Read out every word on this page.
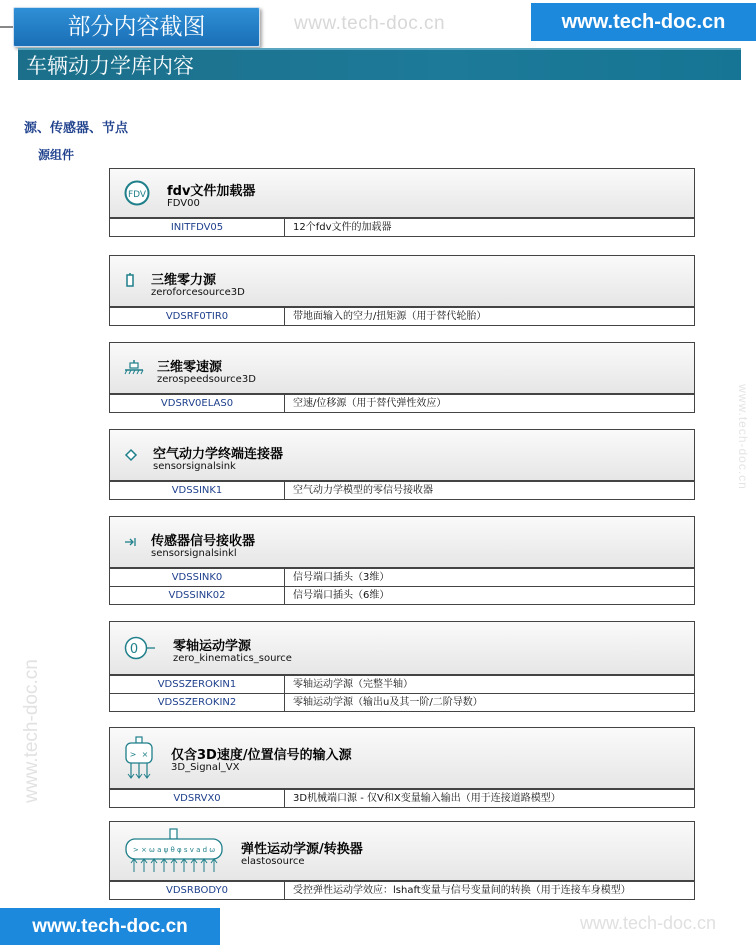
www.tech-doc.cn
www.tech-doc.cn
www.tech-doc.cn
www.tech-doc.cn
部分内容截图	www.tech-doc.cn
车辆动力学库内容
源、传感器、节点
源组件
FDV fdv文件加载器
FDV00
INITFDV05	12个fdv文件的加载器
三维零力源
zeroforcesource3D
VDSRF0TIR0	带地面输入的空力/扭矩源（用于替代轮胎）
三维零速源
zerospeedsource3D
VDSRV0ELAS0	空速/位移源（用于替代弹性效应）
空气动力学终端连接器
sensorsignalsink
VDSSINK1	空气动力学模型的零信号接收器
传感器信号接收器
sensorsignalsinkl
VDSSINK0	信号端口插头（3维）
VDSSINK02	信号端口插头（6维）
0	零轴运动学源
zero_kinematics_source
VDSSZEROKIN1	零轴运动学源（完整半轴）
VDSSZEROKIN2	零轴运动学源（输出u及其一阶/二阶导数）
> × 仅含3D速度/位置信号的输入源
3D_Signal_VX
VDSRVX0	3D机械端口源 - 仅V和X变量输入输出（用于连接道路模型）
> × ω a ψ θ φ s v a d ω 弹性运动学源/转换器
elastosource
VDSRBODY0	受控弹性运动学效应：lshaft变量与信号变量间的转换（用于连接车身模型）
www.tech-doc.cn
